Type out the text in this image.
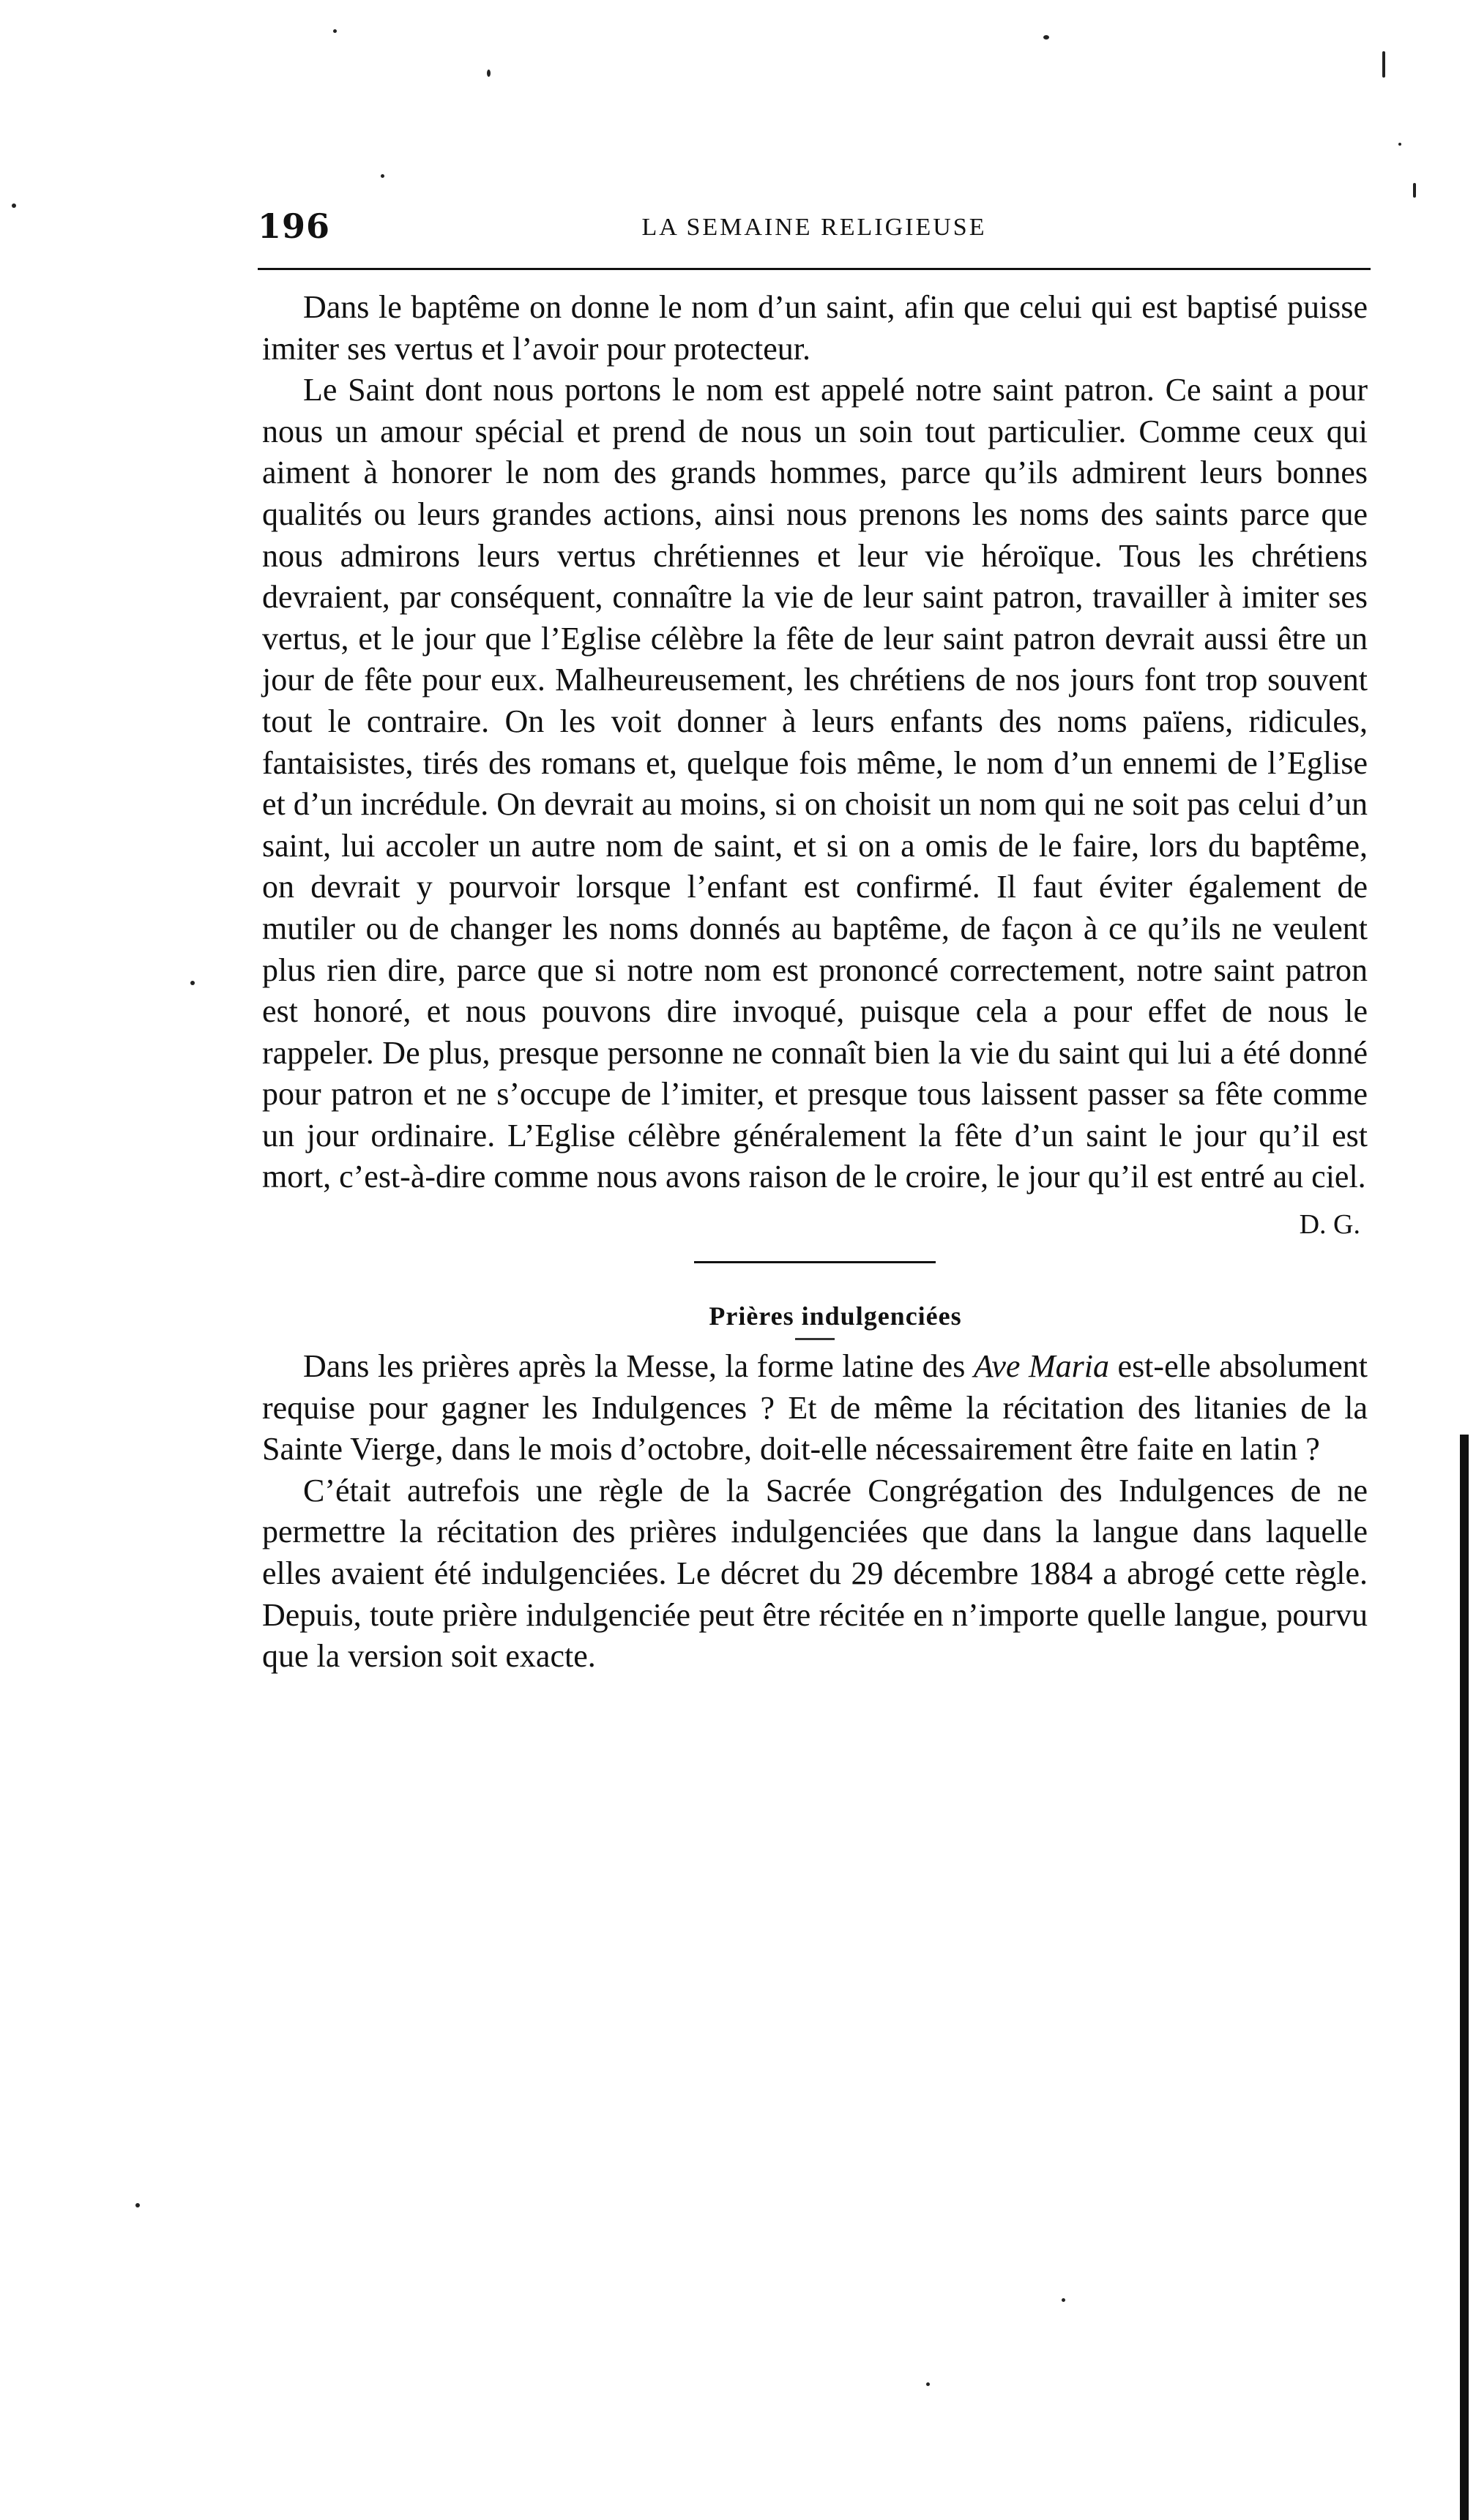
196	LA SEMAINE RELIGIEUSE

Dans le baptême on donne le nom d’un saint, afin que celui qui est baptisé puisse imiter ses vertus et l’avoir pour protecteur.

Le Saint dont nous portons le nom est appelé notre saint patron. Ce saint a pour nous un amour spécial et prend de nous un soin tout particulier. Comme ceux qui aiment à honorer le nom des grands hommes, parce qu’ils admirent leurs bonnes qualités ou leurs grandes actions, ainsi nous prenons les noms des saints parce que nous admirons leurs vertus chrétiennes et leur vie héroïque. Tous les chrétiens devraient, par conséquent, connaître la vie de leur saint patron, travailler à imiter ses vertus, et le jour que l’Eglise célèbre la fête de leur saint patron devrait aussi être un jour de fête pour eux. Malheureusement, les chrétiens de nos jours font trop souvent tout le contraire. On les voit donner à leurs enfants des noms païens, ridicules, fantaisistes, tirés des romans et, quelque fois même, le nom d’un ennemi de l’Eglise et d’un incrédule. On devrait au moins, si on choisit un nom qui ne soit pas celui d’un saint, lui accoler un autre nom de saint, et si on a omis de le faire, lors du baptême, on devrait y pourvoir lorsque l’enfant est confirmé. Il faut éviter également de mutiler ou de changer les noms donnés au baptême, de façon à ce qu’ils ne veulent plus rien dire, parce que si notre nom est prononcé correctement, notre saint patron est honoré, et nous pouvons dire invoqué, puisque cela a pour effet de nous le rappeler. De plus, presque personne ne connaît bien la vie du saint qui lui a été donné pour patron et ne s’occupe de l’imiter, et presque tous laissent passer sa fête comme un jour ordinaire. L’Eglise célèbre généralement la fête d’un saint le jour qu’il est mort, c’est-à-dire comme nous avons raison de le croire, le jour qu’il est entré au ciel.

D. G.

Prières indulgenciées

Dans les prières après la Messe, la forme latine des Ave Maria est-elle absolument requise pour gagner les Indulgences ? Et de même la récitation des litanies de la Sainte Vierge, dans le mois d’octobre, doit-elle nécessairement être faite en latin ?

C’était autrefois une règle de la Sacrée Congrégation des Indulgences de ne permettre la récitation des prières indulgenciées que dans la langue dans laquelle elles avaient été indulgenciées. Le décret du 29 décembre 1884 a abrogé cette règle. Depuis, toute prière indulgenciée peut être récitée en n’importe quelle langue, pourvu que la version soit exacte.
